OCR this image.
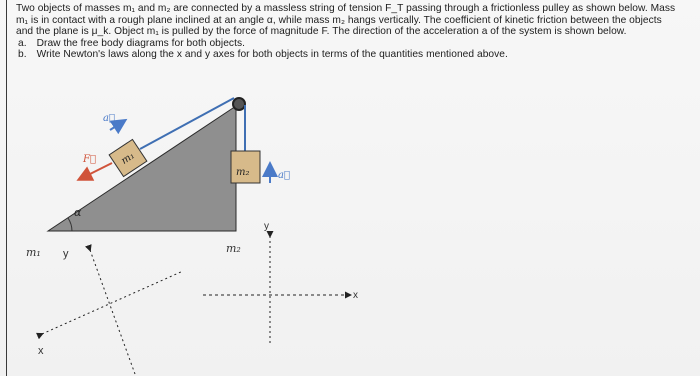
Two objects of masses m₁ and m₂ are connected by a massless string of tension F_T passing through a frictionless pulley as shown below. Mass
m₁ is in contact with a rough plane inclined at an angle α, while mass m₂ hangs vertically. The coefficient of kinetic friction between the objects
and the plane is μ_k. Object m₁ is pulled by the force of magnitude F. The direction of the acceleration a of the system is shown below.
a. Draw the free body diagrams for both objects.
b. Write Newton's laws along the x and y axes for both objects in terms of the quantities mentioned above.
α
m₁
m₂
a⃗
F⃗
a⃗
m₁ y
x
m₂
y
x
